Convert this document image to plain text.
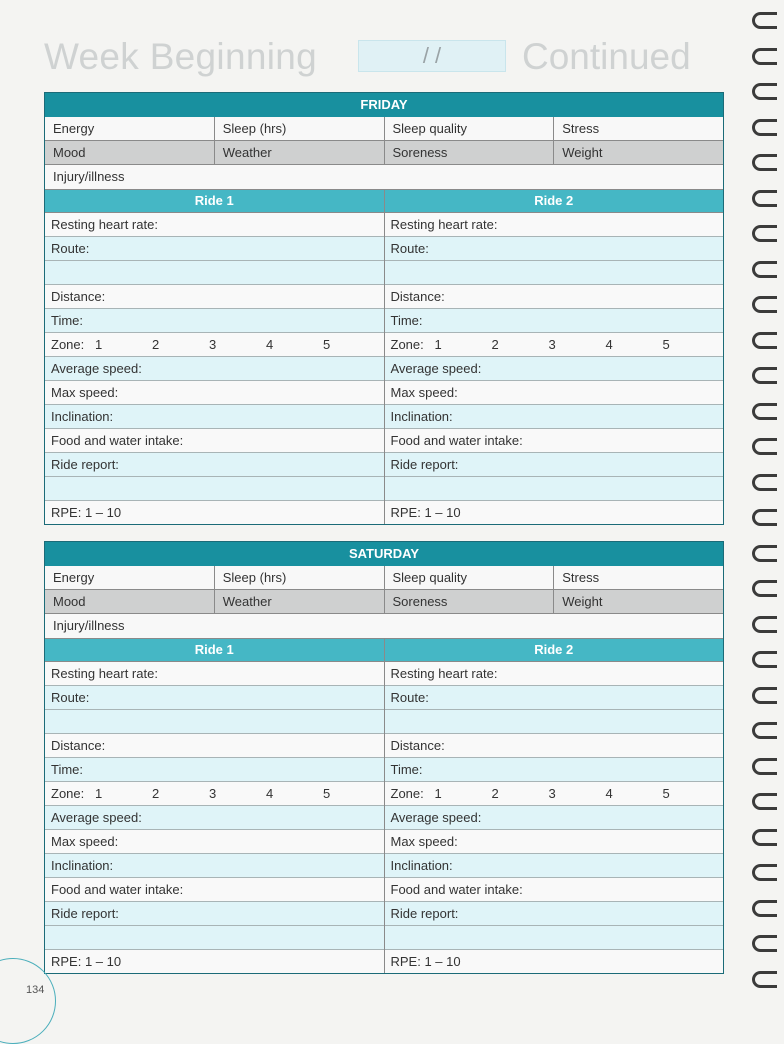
Week Beginning	/ /	Continued
FRIDAY
Energy	Sleep (hrs)	Sleep quality	Stress
Mood	Weather	Soreness	Weight
Injury/illness
Ride 1
Resting heart rate:
Route:
Distance:
Time:
Zone: 1	2	3	4	5
Average speed:
Max speed:
Inclination:
Food and water intake:
Ride report:
RPE: 1 – 10
Ride 2
Resting heart rate:
Route:
Distance:
Time:
Zone: 1	2	3	4	5
Average speed:
Max speed:
Inclination:
Food and water intake:
Ride report:
RPE: 1 – 10
SATURDAY
Energy	Sleep (hrs)	Sleep quality	Stress
Mood	Weather	Soreness	Weight
Injury/illness
Ride 1
Resting heart rate:
Route:
Distance:
Time:
Zone: 1	2	3	4	5
Average speed:
Max speed:
Inclination:
Food and water intake:
Ride report:
RPE: 1 – 10
Ride 2
Resting heart rate:
Route:
Distance:
Time:
Zone: 1	2	3	4	5
Average speed:
Max speed:
Inclination:
Food and water intake:
Ride report:
RPE: 1 – 10
134
